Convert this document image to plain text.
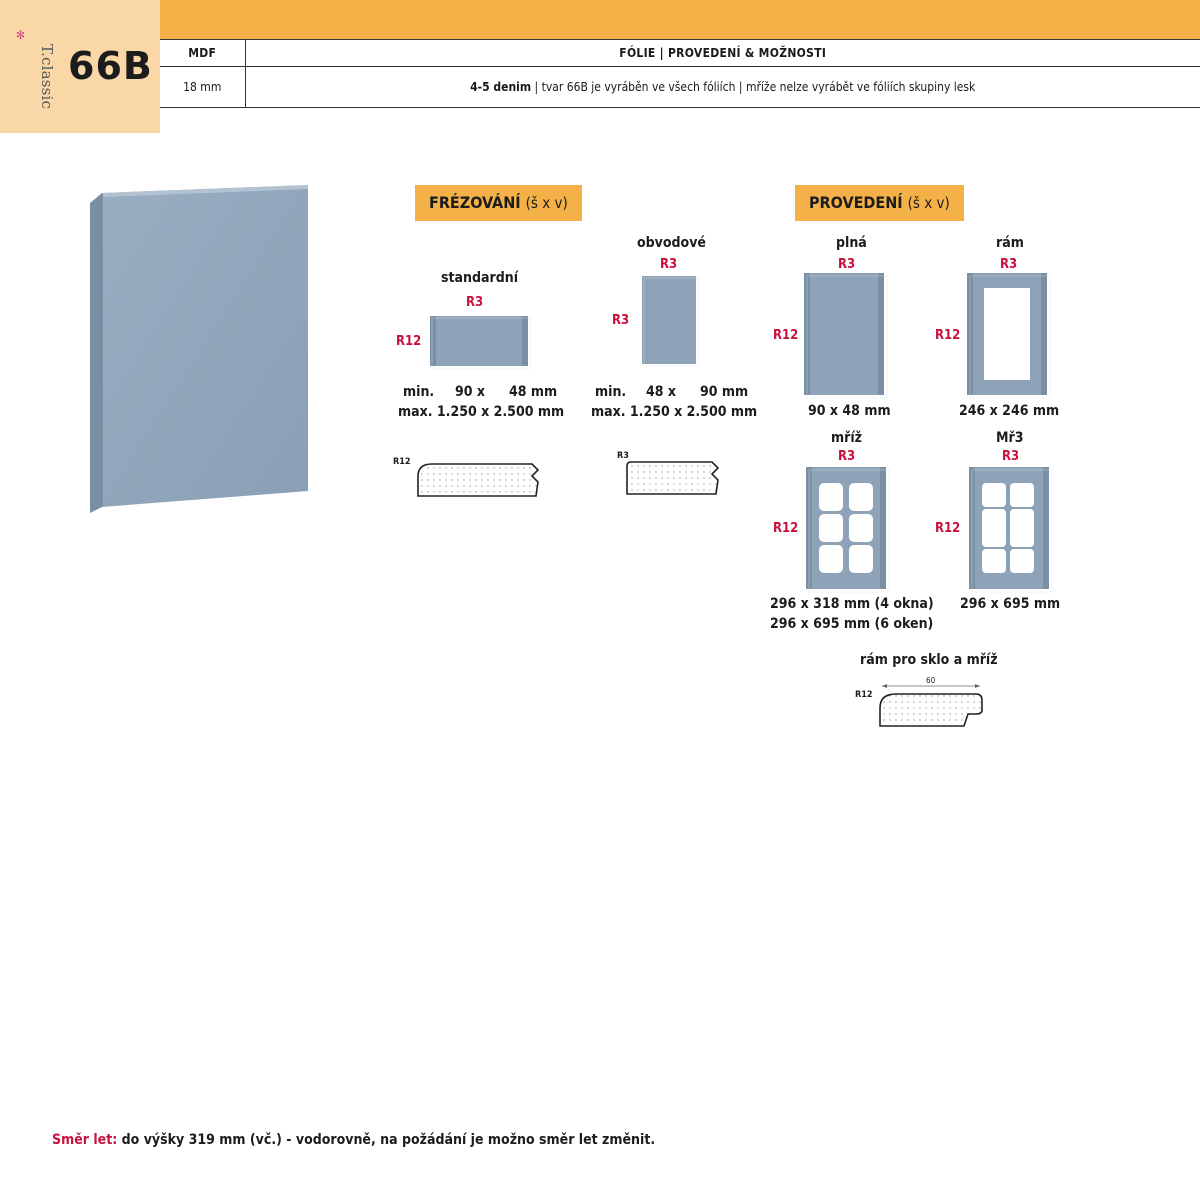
✻
T.classic 66B	MDF	FÓLIE | PROVEDENÍ & MOŽNOSTI
18 mm	4-5 denim | tvar 66B je vyráběn ve všech fóliích | mříže nelze vyrábět ve fóliích skupiny lesk
FRÉZOVÁNÍ (š x v)
standardní
R3
R12
min. 90 x 48 mm
max. 1.250 x 2.500 mm
R12
obvodové
R3
R3
min. 48 x 90 mm
max. 1.250 x 2.500 mm
R3
PROVEDENÍ (š x v)
plná
R3
R12
90 x 48 mm
rám
R3
R12
246 x 246 mm
mříž
R3
R12
296 x 318 mm (4 okna)
296 x 695 mm (6 oken)
Mř3
R3
R12
296 x 695 mm
rám pro sklo a mříž
R12
60
Směr let: do výšky 319 mm (vč.) - vodorovně, na požádání je možno směr let změnit.
